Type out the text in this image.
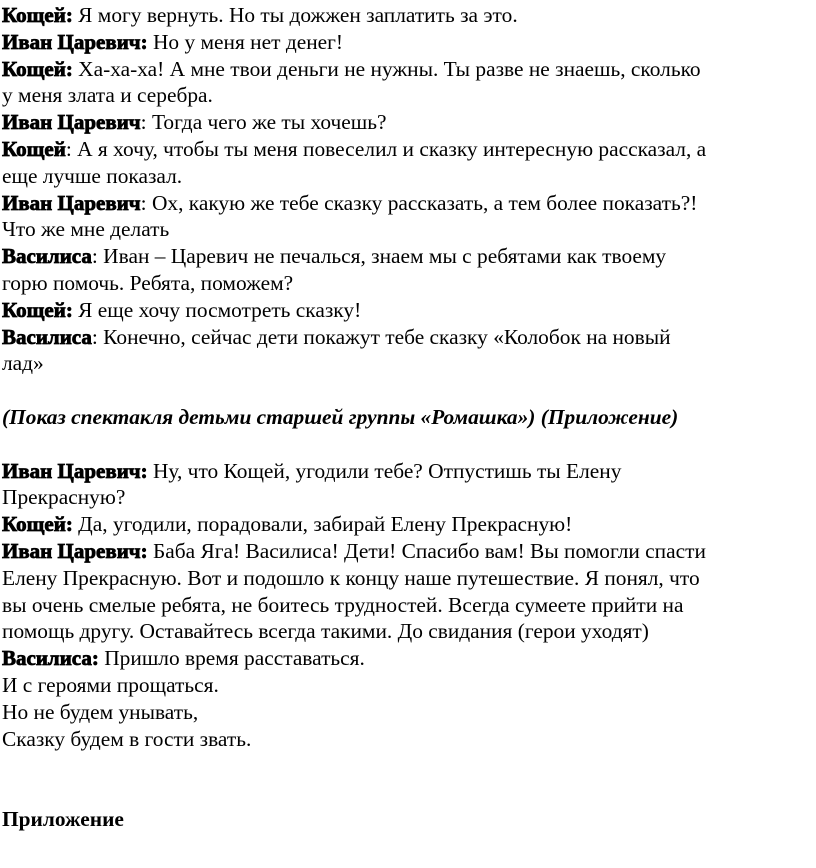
Кощей: Я могу вернуть. Но ты дожжен заплатить за это.
Иван Царевич: Но у меня нет денег!
Кощей: Ха-ха-ха! А мне твои деньги не нужны. Ты разве не знаешь, сколько
у меня злата и серебра.
Иван Царевич: Тогда чего же ты хочешь?
Кощей: А я хочу, чтобы ты меня повеселил и сказку интересную рассказал, а
еще лучше показал.
Иван Царевич: Ох, какую же тебе сказку рассказать, а тем более показать?!
Что же мне делать
Василиса: Иван – Царевич не печалься, знаем мы с ребятами как твоему
горю помочь. Ребята, поможем?
Кощей: Я еще хочу посмотреть сказку!
Василиса: Конечно, сейчас дети покажут тебе сказку «Колобок на новый
лад»
(Показ спектакля детьми старшей группы «Ромашка») (Приложение)
Иван Царевич: Ну, что Кощей, угодили тебе? Отпустишь ты Елену
Прекрасную?
Кощей: Да, угодили, порадовали, забирай Елену Прекрасную!
Иван Царевич: Баба Яга! Василиса! Дети! Спасибо вам! Вы помогли спасти
Елену Прекрасную. Вот и подошло к концу наше путешествие. Я понял, что
вы очень смелые ребята, не боитесь трудностей. Всегда сумеете прийти на
помощь другу. Оставайтесь всегда такими. До свидания (герои уходят)
Василиса: Пришло время расставаться.
И с героями прощаться.
Но не будем унывать,
Сказку будем в гости звать.
Приложение
